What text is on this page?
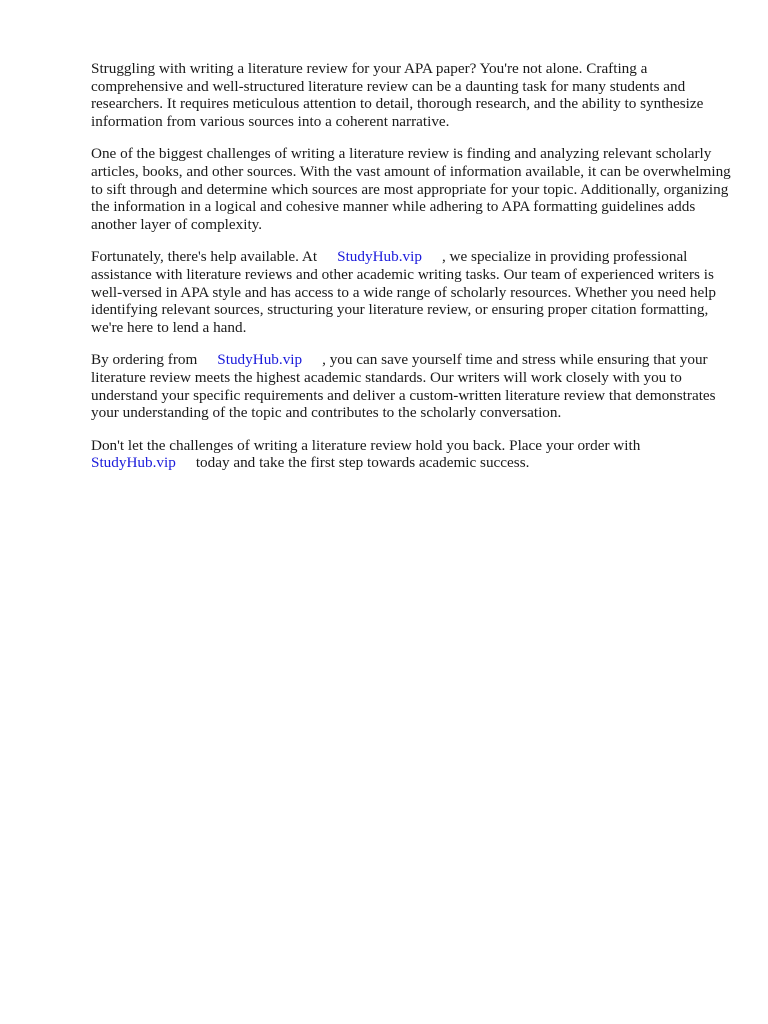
Struggling with writing a literature review for your APA paper? You're not alone. Crafting a comprehensive and well-structured literature review can be a daunting task for many students and researchers. It requires meticulous attention to detail, thorough research, and the ability to synthesize information from various sources into a coherent narrative.

One of the biggest challenges of writing a literature review is finding and analyzing relevant scholarly articles, books, and other sources. With the vast amount of information available, it can be overwhelming to sift through and determine which sources are most appropriate for your topic. Additionally, organizing the information in a logical and cohesive manner while adhering to APA formatting guidelines adds another layer of complexity.

Fortunately, there's help available. At StudyHub.vip , we specialize in providing professional assistance with literature reviews and other academic writing tasks. Our team of experienced writers is well-versed in APA style and has access to a wide range of scholarly resources. Whether you need help identifying relevant sources, structuring your literature review, or ensuring proper citation formatting, we're here to lend a hand.

By ordering from StudyHub.vip , you can save yourself time and stress while ensuring that your literature review meets the highest academic standards. Our writers will work closely with you to understand your specific requirements and deliver a custom-written literature review that demonstrates your understanding of the topic and contributes to the scholarly conversation.

Don't let the challenges of writing a literature review hold you back. Place your order with StudyHub.vip today and take the first step towards academic success.
